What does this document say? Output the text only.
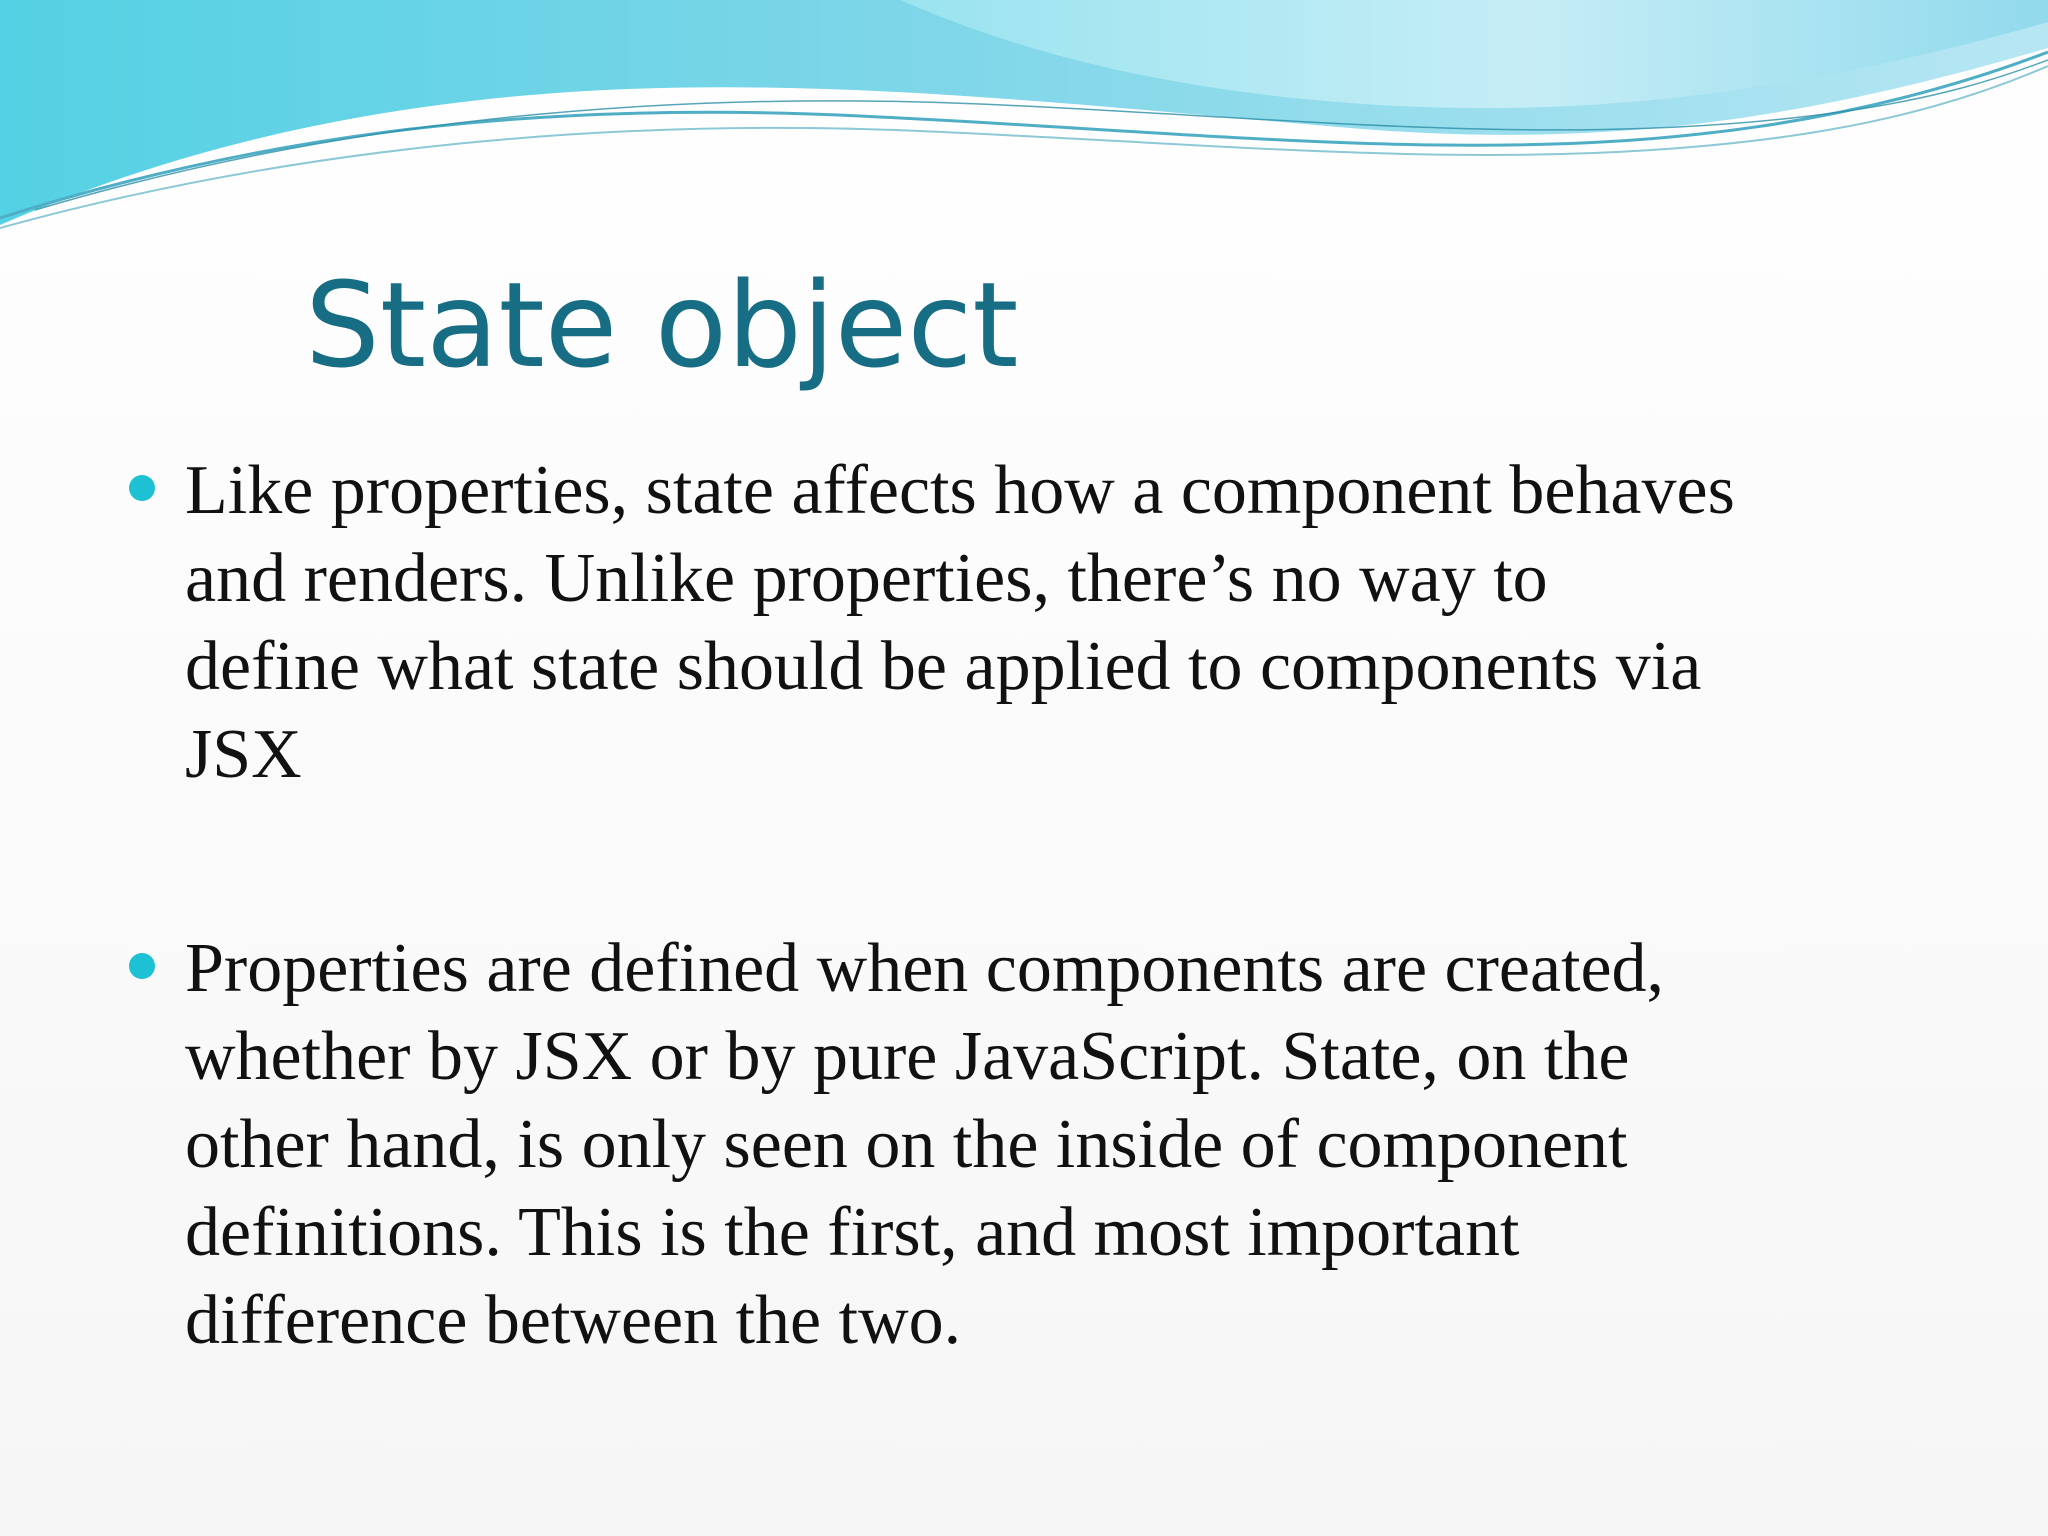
State object
Like properties, state affects how a component behaves
and renders. Unlike properties, there’s no way to
define what state should be applied to components via
JSX
Properties are defined when components are created,
whether by JSX or by pure JavaScript. State, on the
other hand, is only seen on the inside of component
definitions. This is the first, and most important
difference between the two.
